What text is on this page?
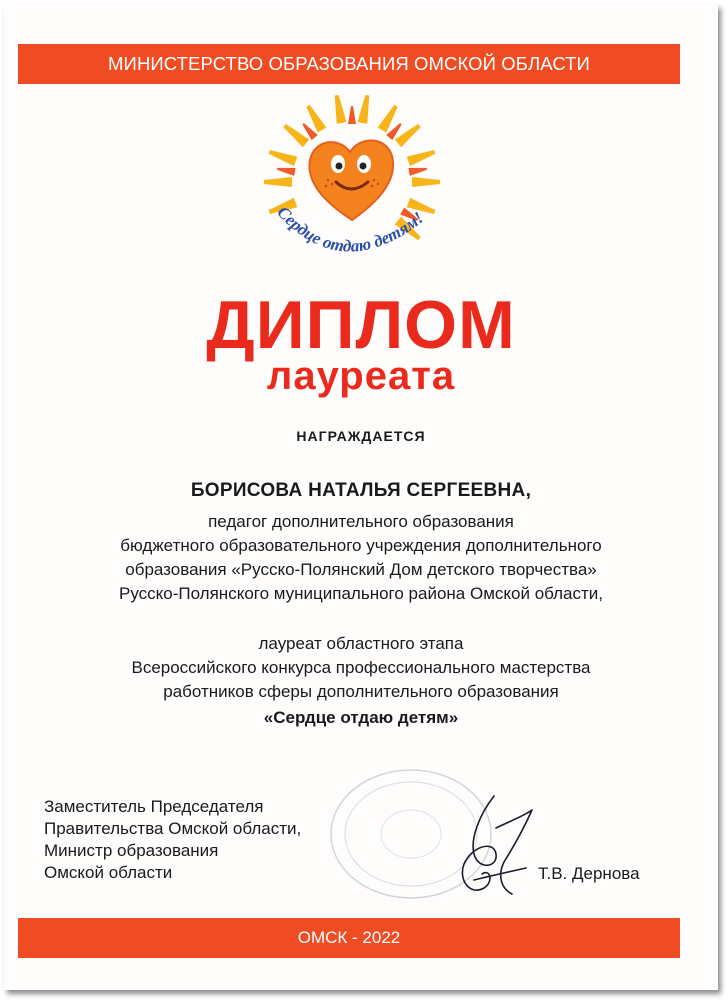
МИНИСТЕРСТВО ОБРАЗОВАНИЯ ОМСКОЙ ОБЛАСТИ
Сердце отдаю детям!
ДИПЛОМ
лауреата
НАГРАЖДАЕТСЯ
БОРИСОВА НАТАЛЬЯ СЕРГЕЕВНА,
педагог дополнительного образования
бюджетного образовательного учреждения дополнительного
образования «Русско-Полянский Дом детского творчества»
Русско-Полянского муниципального района Омской области,
лауреат областного этапа
Всероссийского конкурса профессионального мастерства
работников сферы дополнительного образования
«Сердце отдаю детям»
Заместитель Председателя
Правительства Омской области,
Министр образования
Омской области	Т.В. Дернова
ОМСК - 2022
